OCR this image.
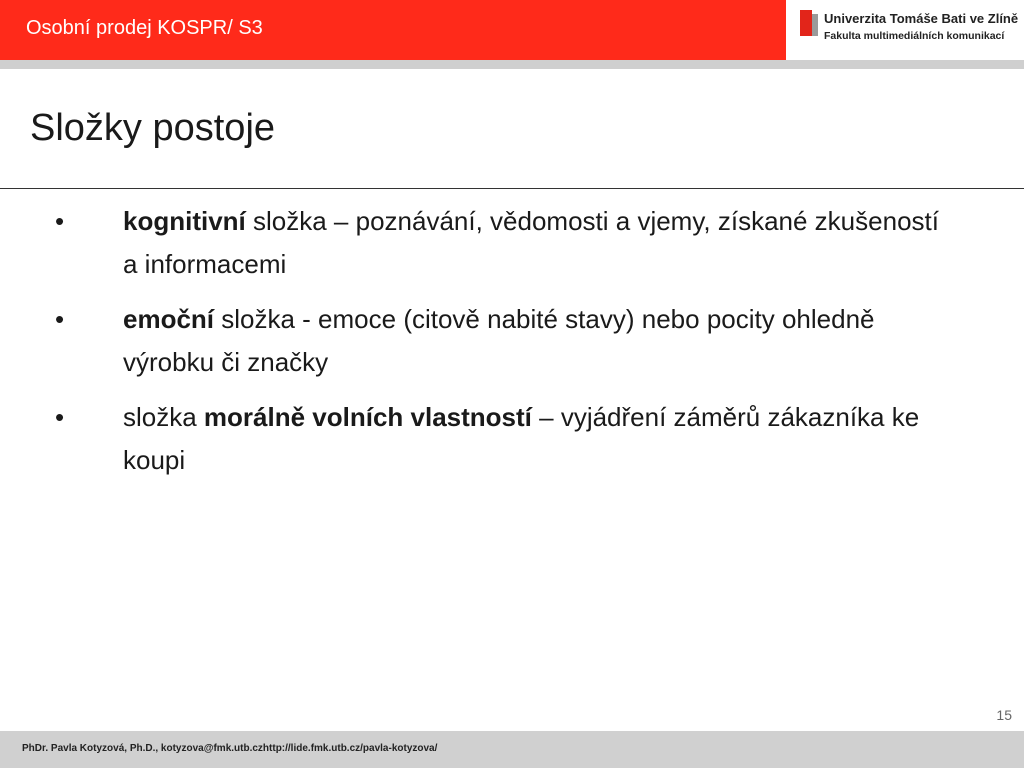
Osobní prodej KOSPR/ S3	Univerzita Tomáše Bati ve Zlíně
Fakulta multimediálních komunikací
Složky postoje
• kognitivní složka – poznávání, vědomosti a vjemy, získané zkušeností a informacemi
• emoční složka - emoce (citově nabité stavy) nebo pocity ohledně výrobku či značky
• složka morálně volních vlastností – vyjádření záměrů zákazníka ke koupi
15
PhDr. Pavla Kotyzová, Ph.D., kotyzova@fmk.utb.czhttp://lide.fmk.utb.cz/pavla-kotyzova/
